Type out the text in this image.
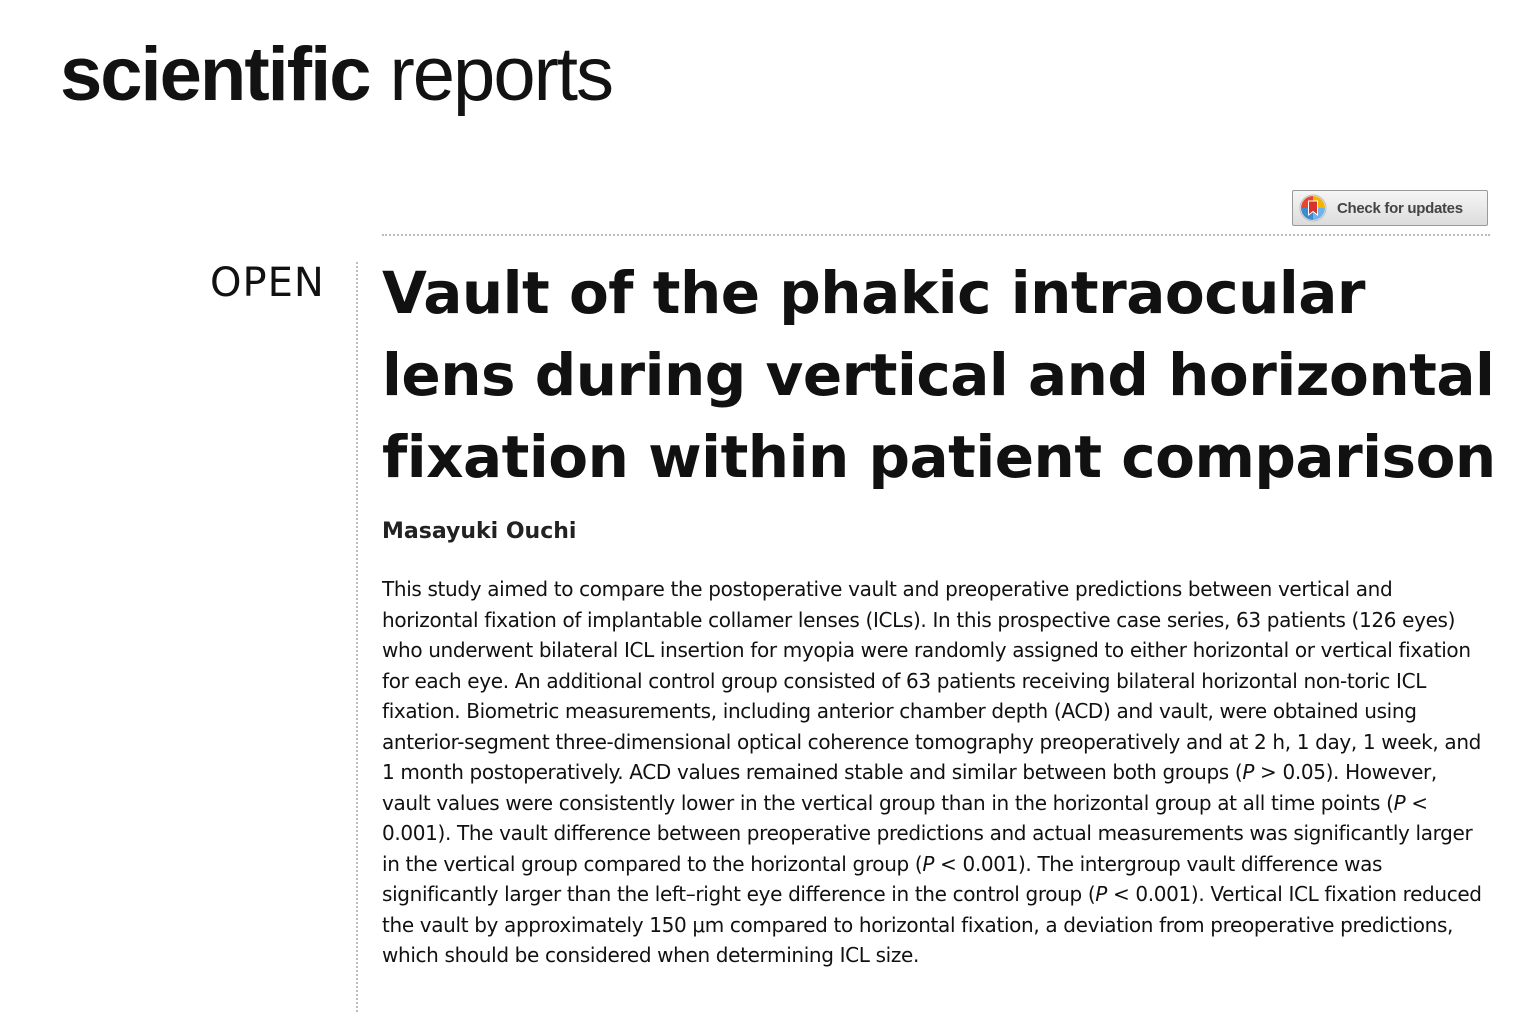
scientific reports
Check for updates
OPEN Vault of the phakic intraocular lens during vertical and horizontal fixation within patient comparison
Masayuki Ouchi

This study aimed to compare the postoperative vault and preoperative predictions between vertical and horizontal fixation of implantable collamer lenses (ICLs). In this prospective case series, 63 patients (126 eyes) who underwent bilateral ICL insertion for myopia were randomly assigned to either horizontal or vertical fixation for each eye. An additional control group consisted of 63 patients receiving bilateral horizontal non-toric ICL fixation. Biometric measurements, including anterior chamber depth (ACD) and vault, were obtained using anterior-segment three-dimensional optical coherence tomography preoperatively and at 2 h, 1 day, 1 week, and 1 month postoperatively. ACD values remained stable and similar between both groups (P > 0.05). However, vault values were consistently lower in the vertical group than in the horizontal group at all time points (P < 0.001). The vault difference between preoperative predictions and actual measurements was significantly larger in the vertical group compared to the horizontal group (P < 0.001). The intergroup vault difference was significantly larger than the left–right eye difference in the control group (P < 0.001). Vertical ICL fixation reduced the vault by approximately 150 μm compared to horizontal fixation, a deviation from preoperative predictions, which should be considered when determining ICL size.
